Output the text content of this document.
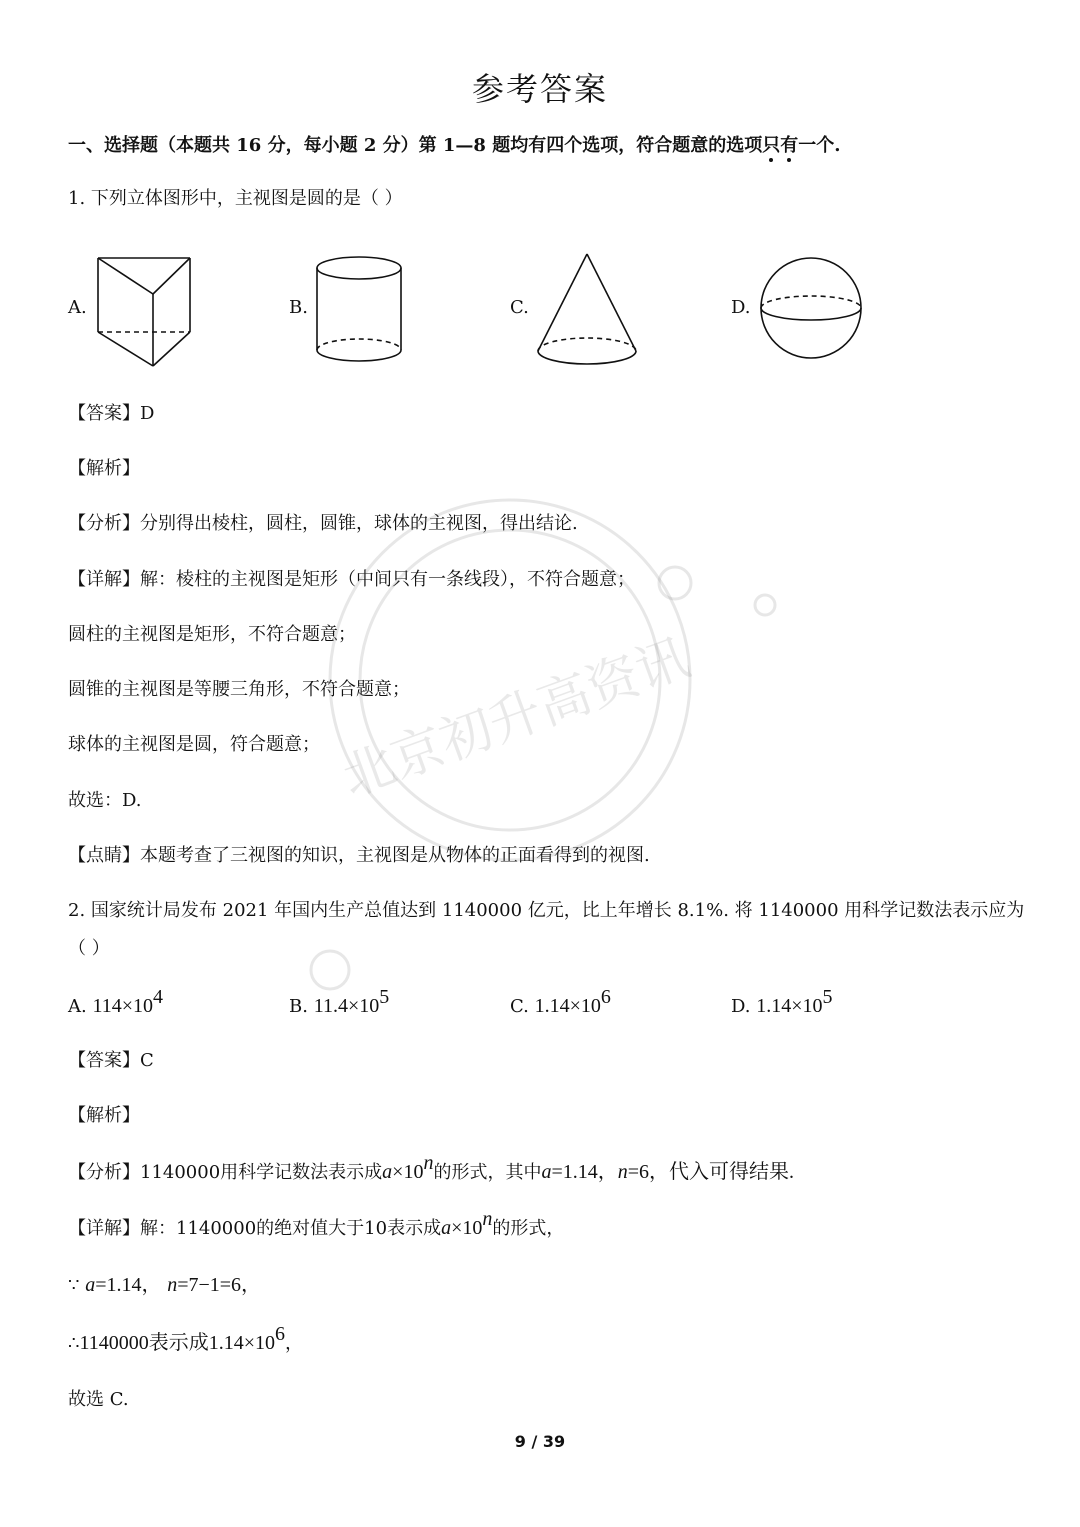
参考答案
一、选择题（本题共 16 分，每小题 2 分）第 1—8 题均有四个选项，符合题意的选项只有一个.
1. 下列立体图形中，主视图是圆的是（ ）
A.	B.	C.	D.
【答案】D
【解析】
【分析】分别得出棱柱，圆柱，圆锥，球体的主视图，得出结论.
【详解】解：棱柱的主视图是矩形（中间只有一条线段），不符合题意；
圆柱的主视图是矩形，不符合题意；
圆锥的主视图是等腰三角形，不符合题意；
球体的主视图是圆，符合题意；
故选：D.
【点睛】本题考查了三视图的知识，主视图是从物体的正面看得到的视图.
2. 国家统计局发布 2021 年国内生产总值达到 1140000 亿元，比上年增长 8.1%. 将 1140000 用科学记数法表示应为
（ ）
A. $114\times 10^4$	B. $11.4\times 10^5$	C. $1.14\times 10^6$	D. $1.14\times 10^5$
【答案】C
【解析】
【分析】1140000用科学记数法表示成$a\times 10^n$的形式，其中a=1.14，n=6，代入可得结果.
【详解】解：1140000的绝对值大于10表示成$a\times 10^n$的形式，
∵ a=1.14， n=7−1=6，
∴1140000表示成$1.14\times 10^6$，
故选 C.
9 / 39
北京初升高资讯
